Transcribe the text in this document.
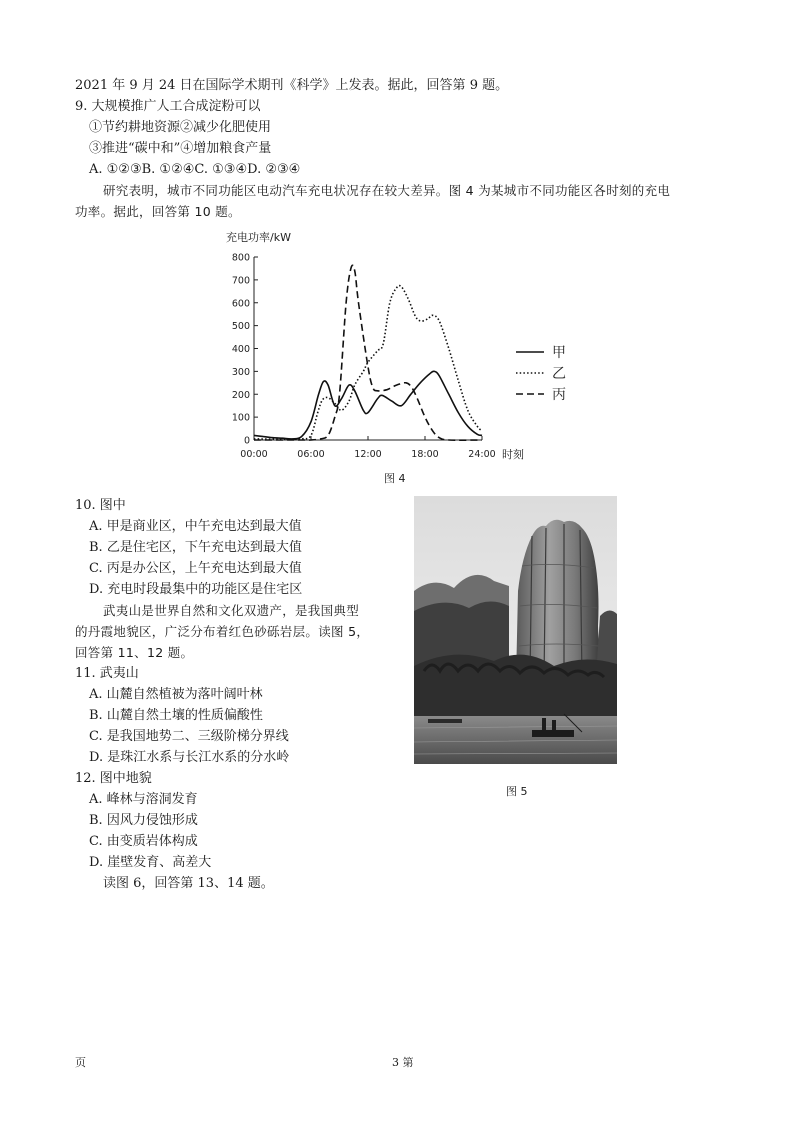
2021 年 9 月 24 日在国际学术期刊《科学》上发表。据此，回答第 9 题。
9. 大规模推广人工合成淀粉可以
①节约耕地资源②减少化肥使用
③推进“碳中和”④增加粮食产量
A. ①②③B. ①②④C. ①③④D. ②③④
研究表明，城市不同功能区电动汽车充电状况存在较大差异。图 4 为某城市不同功能区各时刻的充电
功率。据此，回答第 10 题。
充电功率/kW
0
100
200
300
400
500
600
700
800
00:00	06:00	12:00	18:00	24:00 时刻
甲
乙
丙
图 4
10. 图中
A. 甲是商业区，中午充电达到最大值
B. 乙是住宅区，下午充电达到最大值
C. 丙是办公区，上午充电达到最大值
D. 充电时段最集中的功能区是住宅区
武夷山是世界自然和文化双遗产，是我国典型
的丹霞地貌区，广泛分布着红色砂砾岩层。读图 5，
回答第 11、12 题。
11. 武夷山
A. 山麓自然植被为落叶阔叶林
B. 山麓自然土壤的性质偏酸性
C. 是我国地势二、三级阶梯分界线
D. 是珠江水系与长江水系的分水岭
12. 图中地貌
A. 峰林与溶洞发育
B. 因风力侵蚀形成
C. 由变质岩体构成
D. 崖壁发育、高差大
读图 6，回答第 13、14 题。
图 5
页	3 第
